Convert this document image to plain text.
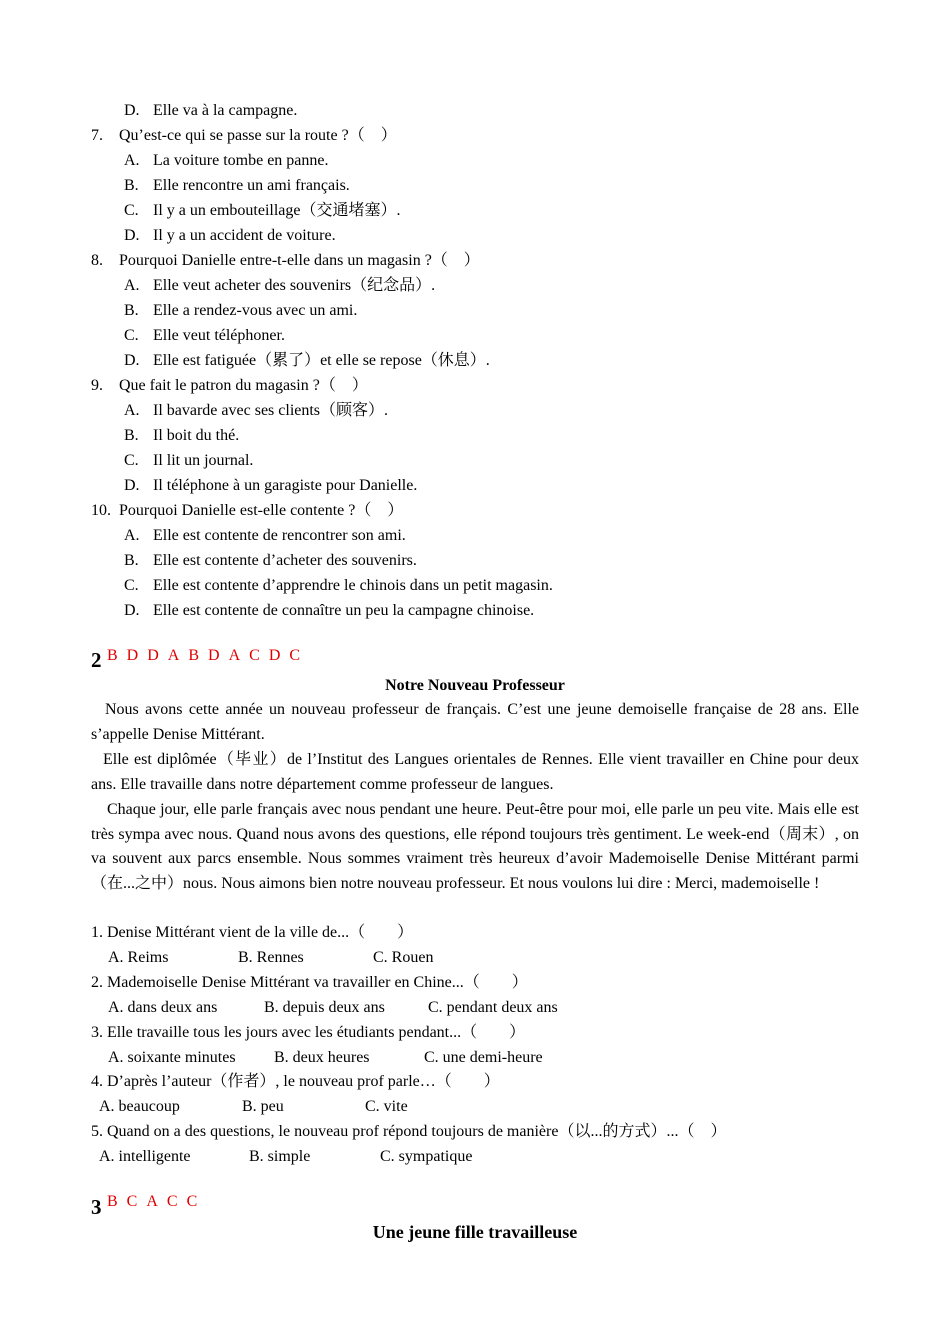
D. Elle va à la campagne.
7. Qu’est-ce qui se passe sur la route ?（　）
A. La voiture tombe en panne.
B. Elle rencontre un ami français.
C. Il y a un embouteillage（交通堵塞）.
D. Il y a un accident de voiture.
8. Pourquoi Danielle entre-t-elle dans un magasin ?（　）
A. Elle veut acheter des souvenirs（纪念品）.
B. Elle a rendez-vous avec un ami.
C. Elle veut téléphoner.
D. Elle est fatiguée（累了）et elle se repose（休息）.
9. Que fait le patron du magasin ?（　）
A. Il bavarde avec ses clients（顾客）.
B. Il boit du thé.
C. Il lit un journal.
D. Il téléphone à un garagiste pour Danielle.
10. Pourquoi Danielle est-elle contente ?（　）
A. Elle est contente de rencontrer son ami.
B. Elle est contente d’acheter des souvenirs.
C. Elle est contente d’apprendre le chinois dans un petit magasin.
D. Elle est contente de connaître un peu la campagne chinoise.

B D D A B D A C D C

2
Notre Nouveau Professeur
Nous avons cette année un nouveau professeur de français. C’est une jeune demoiselle française de 28 ans. Elle s’appelle Denise Mittérant.
Elle est diplômée（毕业）de l’Institut des Langues orientales de Rennes. Elle vient travailler en Chine pour deux ans. Elle travaille dans notre département comme professeur de langues.
Chaque jour, elle parle français avec nous pendant une heure. Peut-être pour moi, elle parle un peu vite. Mais elle est très sympa avec nous. Quand nous avons des questions, elle répond toujours très gentiment. Le week-end（周末）, on va souvent aux parcs ensemble. Nous sommes vraiment très heureux d’avoir Mademoiselle Denise Mittérant parmi（在...之中）nous. Nous aimons bien notre nouveau professeur. Et nous voulons lui dire : Merci, mademoiselle !
1. Denise Mittérant vient de la ville de...（　　）
A. Reims	B. Rennes	C. Rouen
2. Mademoiselle Denise Mittérant va travailler en Chine...（　　）
A. dans deux ans	B. depuis deux ans	C. pendant deux ans
3. Elle travaille tous les jours avec les étudiants pendant...（　　）
A. soixante minutes B. deux heures	C. une demi-heure
4. D’après l’auteur（作者）, le nouveau prof parle…（　　）
A. beaucoup	B. peu	C. vite
5. Quand on a des questions, le nouveau prof répond toujours de manière（以...的方式）...（　）
A. intelligente	B. simple	C. sympatique

B C A C C

3
Une jeune fille travailleuse
